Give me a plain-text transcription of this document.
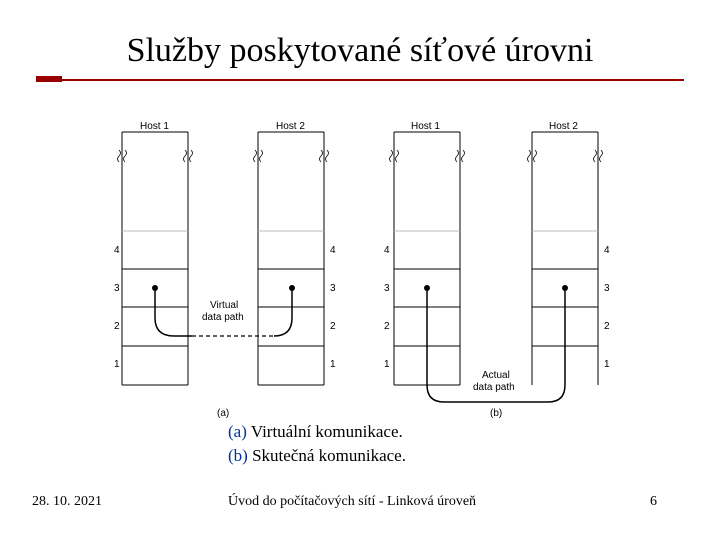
Služby poskytované síťové úrovni
Host 1	Host 2	Host 1	Host 2
4
3
2
1
4
3
2
1
4
3
2
1
4
3
2
1
Virtual
data path
Actual
data path
(a)	(b)
(a) Virtuální komunikace.
(b) Skutečná komunikace.
28. 10. 2021	Úvod do počítačových sítí - Linková úroveň	6
